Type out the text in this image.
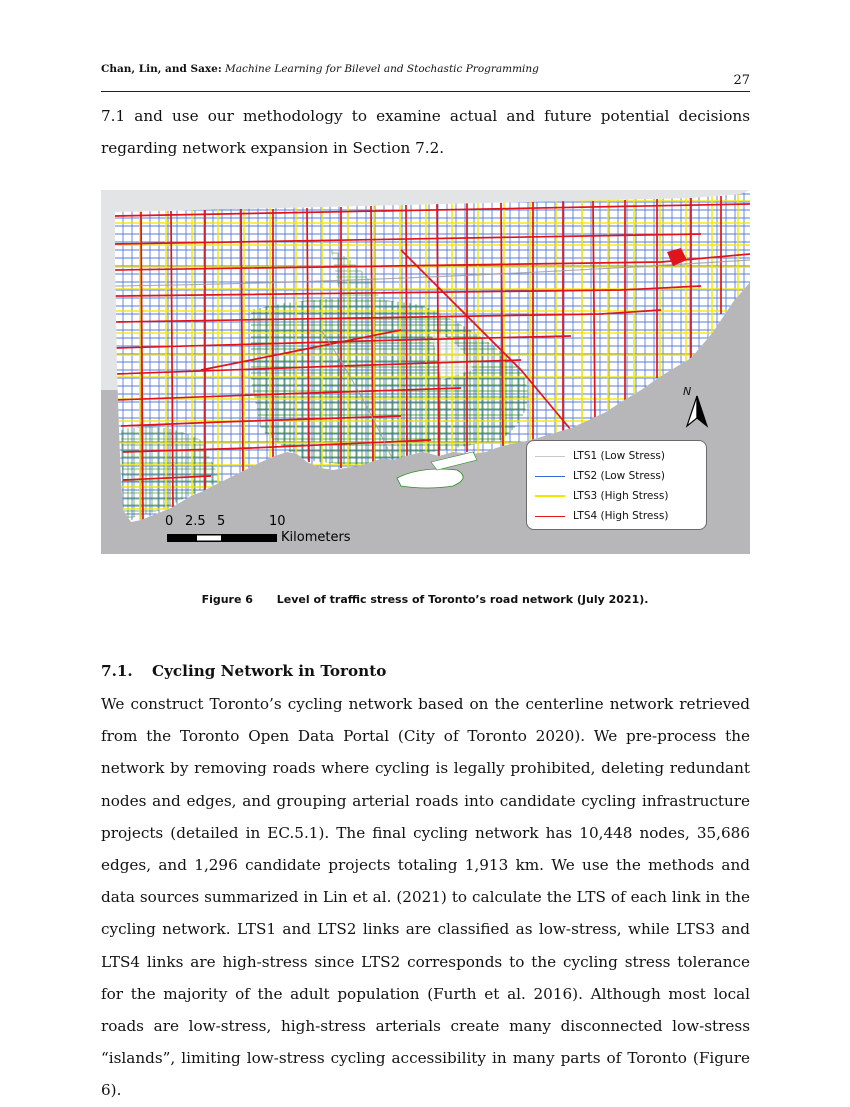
Chan, Lin, and Saxe: Machine Learning for Bilevel and Stochastic Programming
27
7.1 and use our methodology to examine actual and future potential decisions regarding network expansion in Section 7.2.
N
0 2.5 5	10
Kilometers
LTS1 (Low Stress)
LTS2 (Low Stress)
LTS3 (High Stress)
LTS4 (High Stress)
Figure 6 Level of traffic stress of Toronto’s road network (July 2021).
7.1. Cycling Network in Toronto
We construct Toronto’s cycling network based on the centerline network retrieved from the Toronto Open Data Portal (City of Toronto 2020). We pre-process the network by removing roads where cycling is legally prohibited, deleting redundant nodes and edges, and grouping arterial roads into candidate cycling infrastructure projects (detailed in EC.5.1). The final cycling network has 10,448 nodes, 35,686 edges, and 1,296 candidate projects totaling 1,913 km. We use the methods and data sources summarized in Lin et al. (2021) to calculate the LTS of each link in the cycling network. LTS1 and LTS2 links are classified as low-stress, while LTS3 and LTS4 links are high-stress since LTS2 corresponds to the cycling stress tolerance for the majority of the adult population (Furth et al. 2016). Although most local roads are low-stress, high-stress arterials create many disconnected low-stress “islands”, limiting low-stress cycling accessibility in many parts of Toronto (Figure 6).
